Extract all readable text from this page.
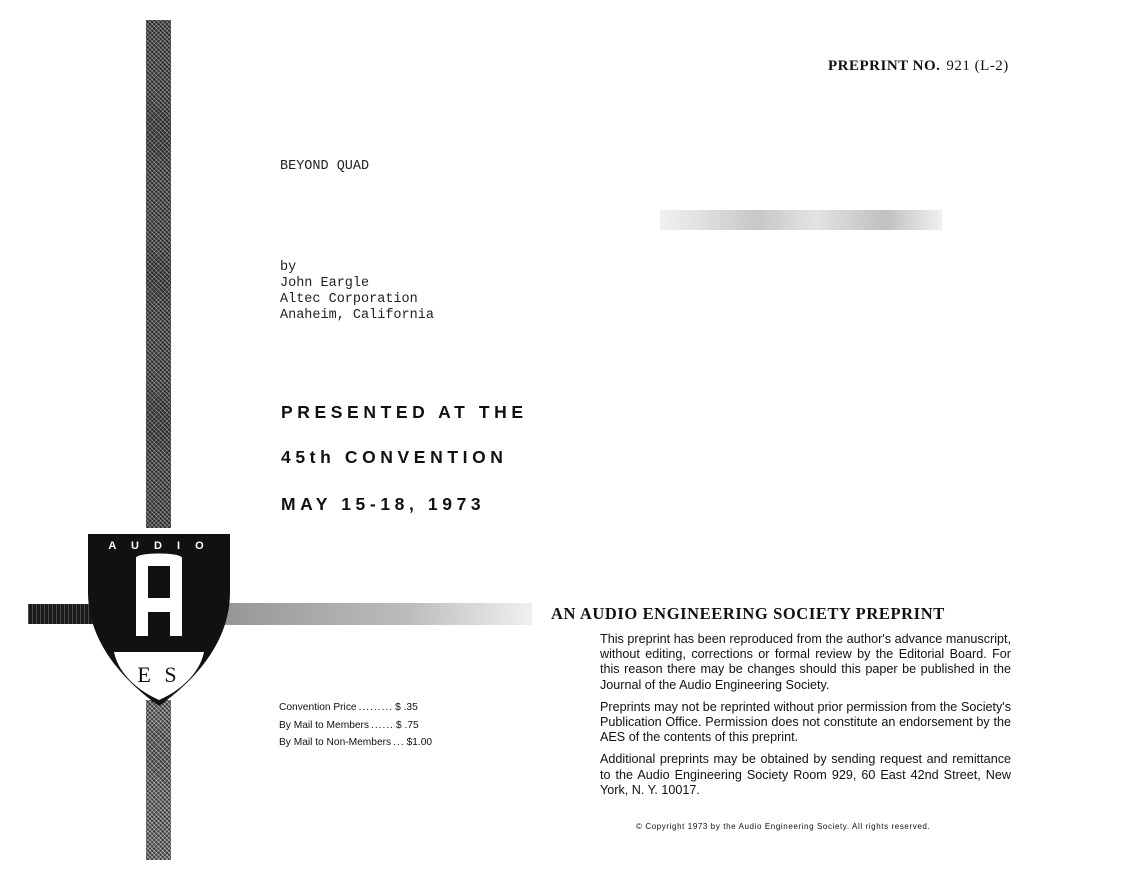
A U D I O
E S
PREPRINT NO. 921 (L-2)
BEYOND QUAD
by
John Eargle
Altec Corporation
Anaheim, California
PRESENTED AT THE
45th CONVENTION
MAY 15-18, 1973
AN AUDIO ENGINEERING SOCIETY PREPRINT

This preprint has been reproduced from the author's advance manuscript, without editing, corrections or formal review by the Editorial Board. For this reason there may be changes should this paper be published in the Journal of the Audio Engineering Society.

Preprints may not be reprinted without prior permission from the Society's Publication Office. Permission does not constitute an endorsement by the AES of the contents of this preprint.

Additional preprints may be obtained by sending request and remittance to the Audio Engineering Society Room 929, 60 East 42nd Street, New York, N. Y. 10017.

© Copyright 1973 by the Audio Engineering Society. All rights reserved.
Convention Price ......... $ .35
By Mail to Members ...... $ .75
By Mail to Non-Members ... $1.00
